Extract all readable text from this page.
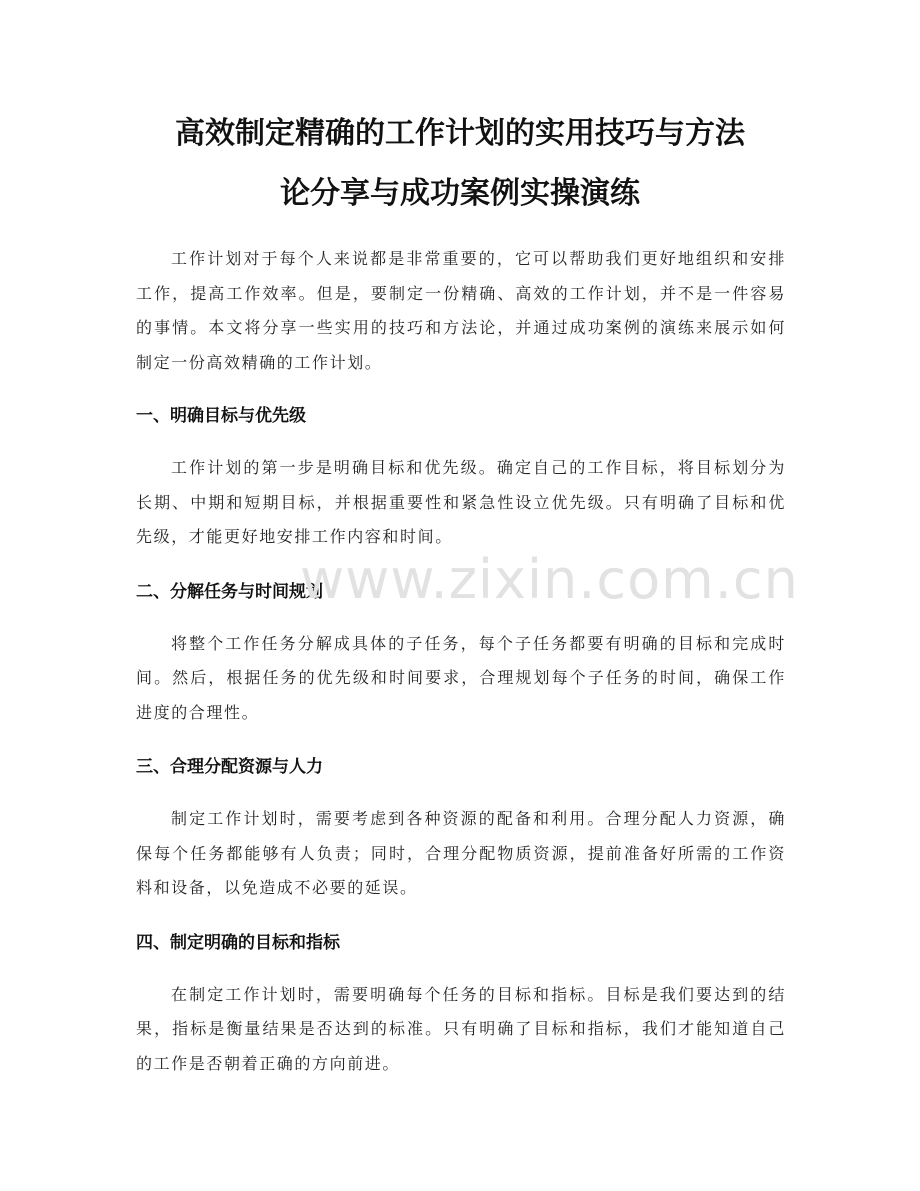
高效制定精确的工作计划的实用技巧与方法
论分享与成功案例实操演练

工作计划对于每个人来说都是非常重要的，它可以帮助我们更好地组织和安排工作，提高工作效率。但是，要制定一份精确、高效的工作计划，并不是一件容易的事情。本文将分享一些实用的技巧和方法论，并通过成功案例的演练来展示如何制定一份高效精确的工作计划。

一、明确目标与优先级

工作计划的第一步是明确目标和优先级。确定自己的工作目标，将目标划分为长期、中期和短期目标，并根据重要性和紧急性设立优先级。只有明确了目标和优先级，才能更好地安排工作内容和时间。

二、分解任务与时间规划

将整个工作任务分解成具体的子任务，每个子任务都要有明确的目标和完成时间。然后，根据任务的优先级和时间要求，合理规划每个子任务的时间，确保工作进度的合理性。

三、合理分配资源与人力

制定工作计划时，需要考虑到各种资源的配备和利用。合理分配人力资源，确保每个任务都能够有人负责；同时，合理分配物质资源，提前准备好所需的工作资料和设备，以免造成不必要的延误。

四、制定明确的目标和指标

在制定工作计划时，需要明确每个任务的目标和指标。目标是我们要达到的结果，指标是衡量结果是否达到的标准。只有明确了目标和指标，我们才能知道自己的工作是否朝着正确的方向前进。

www.zixin.com.cn
